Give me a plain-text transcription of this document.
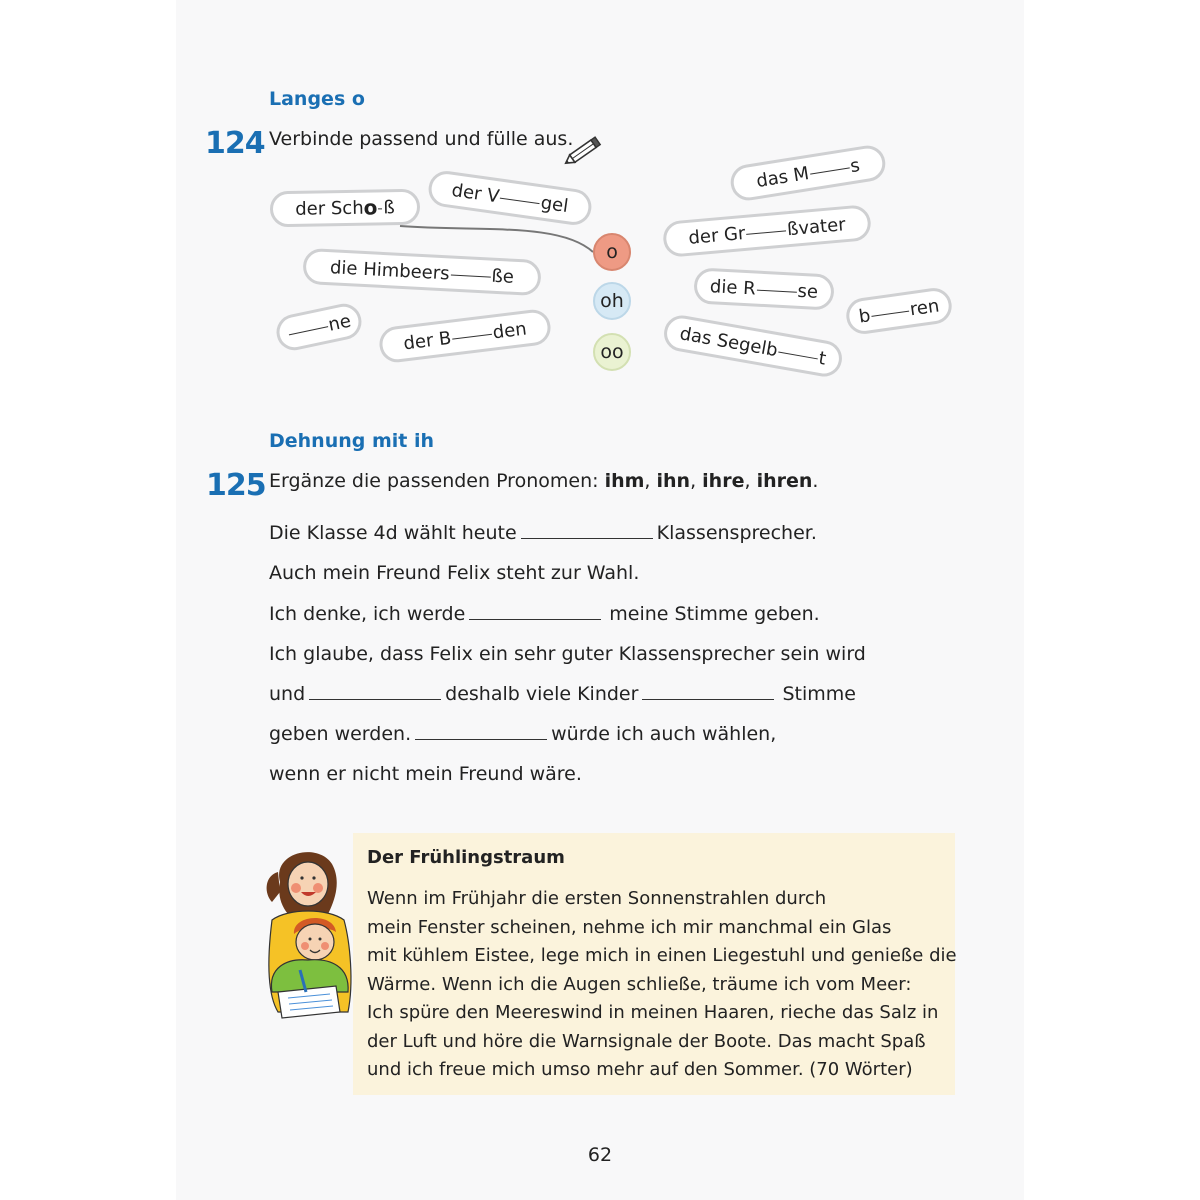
Langes o
124 Verbinde passend und fülle aus.
der Sch o ß
der V gel
die Himbeers ße
ne
der B den
o
oh
oo
das M s
der Gr ßvater
die R se
b ren
das Segelb t
Dehnung mit ih
125 Ergänze die passenden Pronomen: ihm, ihn, ihre, ihren.
Die Klasse 4d wählt heute	Klassensprecher.
Auch mein Freund Felix steht zur Wahl.
Ich denke, ich werde	meine Stimme geben.
Ich glaube, dass Felix ein sehr guter Klassensprecher sein wird
und	deshalb viele Kinder	Stimme
geben werden.	würde ich auch wählen,
wenn er nicht mein Freund wäre.
Der Frühlingstraum
Wenn im Frühjahr die ersten Sonnenstrahlen durch
mein Fenster scheinen, nehme ich mir manchmal ein Glas
mit kühlem Eistee, lege mich in einen Liegestuhl und genieße die
Wärme. Wenn ich die Augen schließe, träume ich vom Meer:
Ich spüre den Meereswind in meinen Haaren, rieche das Salz in
der Luft und höre die Warnsignale der Boote. Das macht Spaß
und ich freue mich umso mehr auf den Sommer. (70 Wörter)
62
